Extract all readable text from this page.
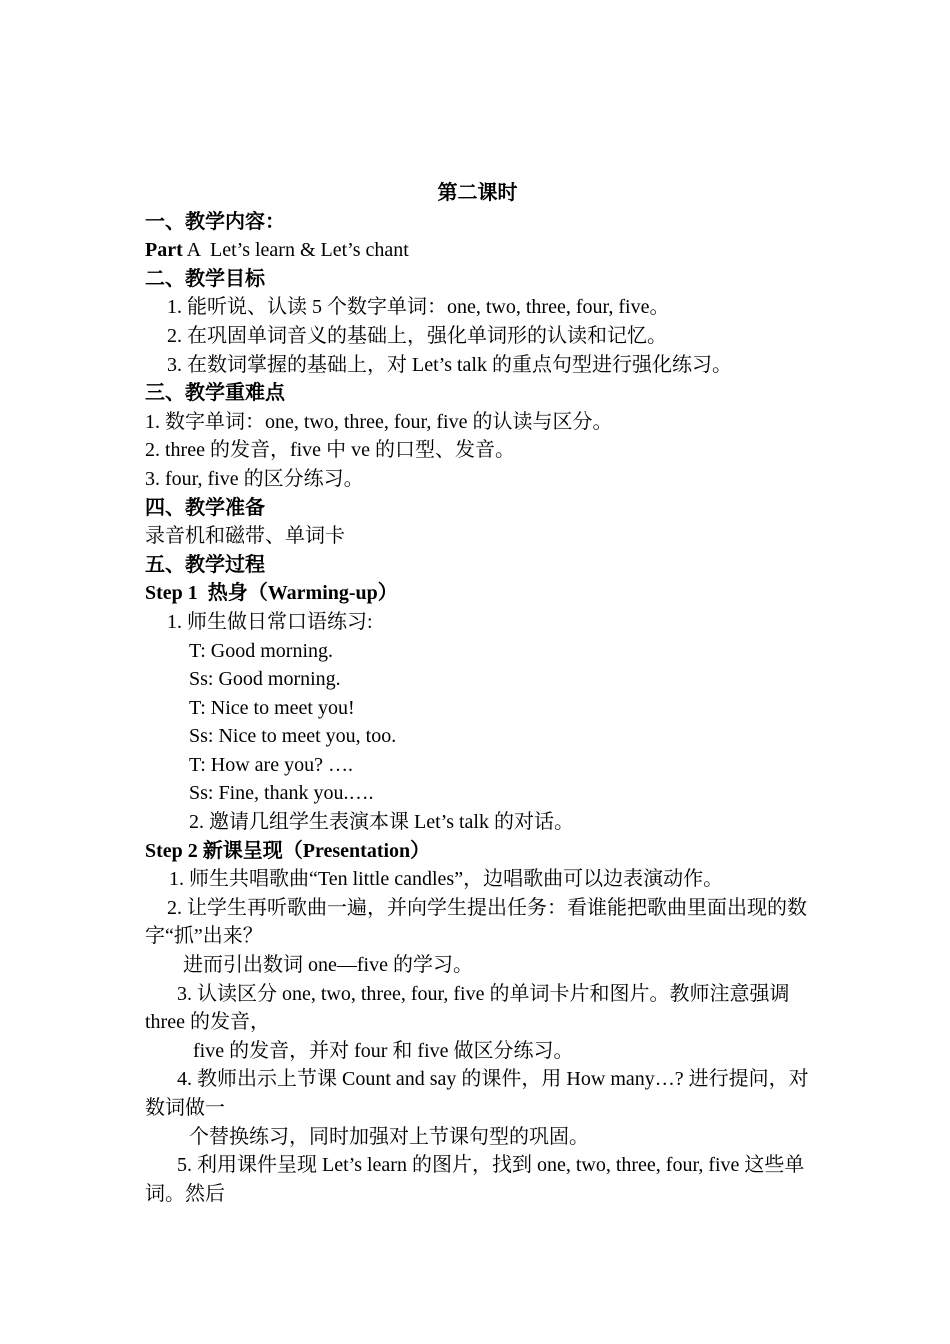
第二课时
一、教学内容：
Part A  Let’s learn & Let’s chant
二、教学目标
1. 能听说、认读 5 个数字单词：one, two, three, four, five。
2. 在巩固单词音义的基础上，强化单词形的认读和记忆。
3. 在数词掌握的基础上，对 Let’s talk 的重点句型进行强化练习。
三、教学重难点
1. 数字单词：one, two, three, four, five 的认读与区分。
2. three 的发音，five 中 ve 的口型、发音。
3. four, five 的区分练习。
四、教学准备
录音机和磁带、单词卡
五、教学过程
Step 1  热身（Warming-up）
1. 师生做日常口语练习:
T: Good morning.
Ss: Good morning.
T: Nice to meet you!
Ss: Nice to meet you, too.
T: How are you? ….
Ss: Fine, thank you.….
2. 邀请几组学生表演本课 Let’s talk 的对话。
Step 2 新课呈现（Presentation）
1. 师生共唱歌曲“Ten little candles”，边唱歌曲可以边表演动作。
2. 让学生再听歌曲一遍，并向学生提出任务：看谁能把歌曲里面出现的数字“抓”出来？
进而引出数词 one—five 的学习。
3. 认读区分 one, two, three, four, five 的单词卡片和图片。教师注意强调 three 的发音，
five 的发音，并对 four 和 five 做区分练习。
4. 教师出示上节课 Count and say 的课件，用 How many…? 进行提问，对数词做一
个替换练习，同时加强对上节课句型的巩固。
5. 利用课件呈现 Let’s learn 的图片，找到 one, two, three, four, five 这些单词。然后
